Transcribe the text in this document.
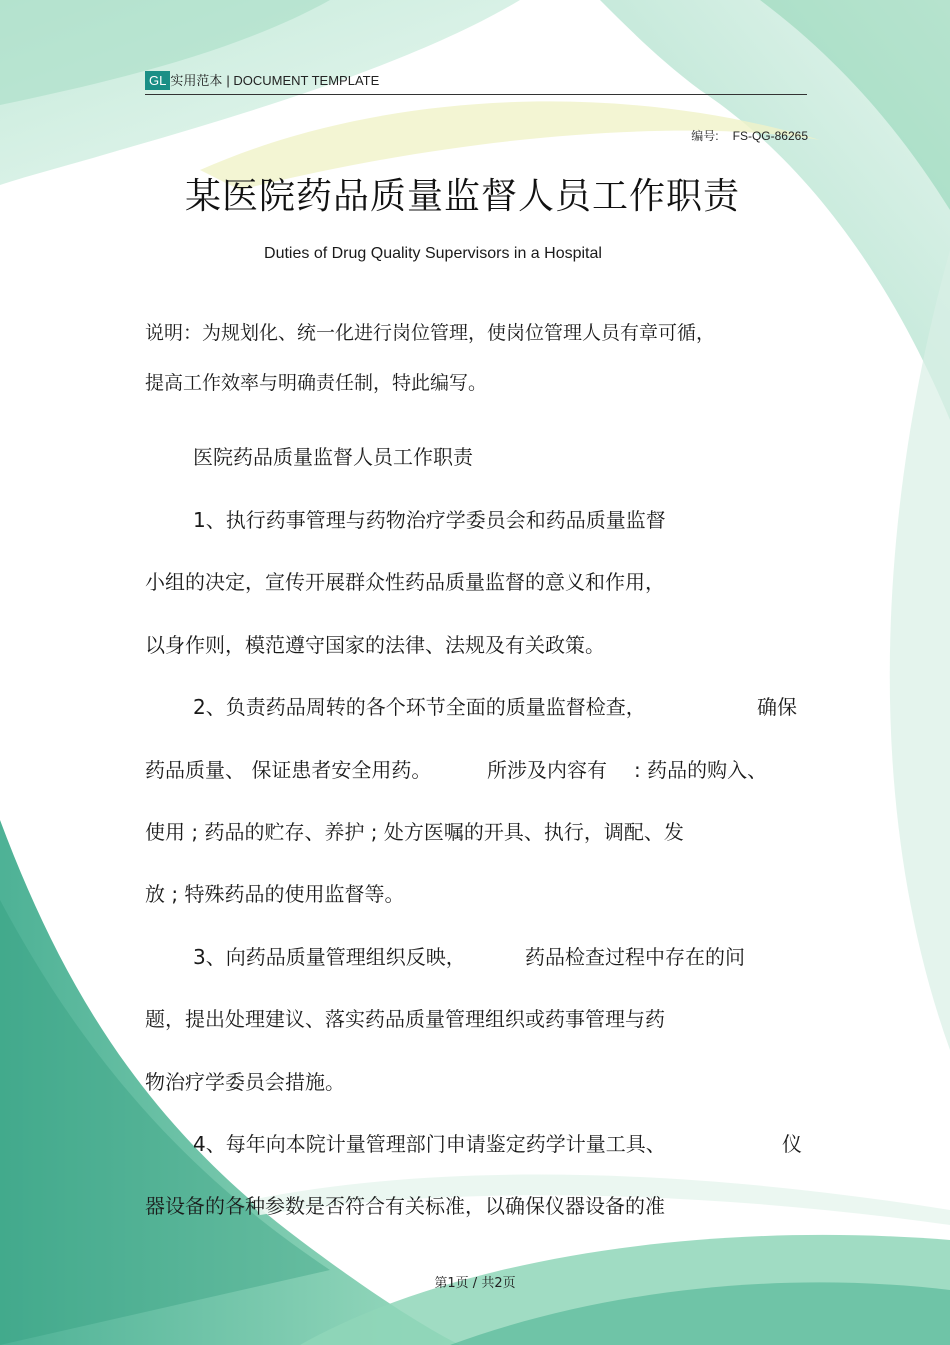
GL 实用范本 | DOCUMENT TEMPLATE
编号: FS-QG-86265
某医院药品质量监督人员工作职责
Duties of Drug Quality Supervisors in a Hospital
说明：为规划化、统一化进行岗位管理，使岗位管理人员有章可循，
提高工作效率与明确责任制，特此编写。
医院药品质量监督人员工作职责
1、执行药事管理与药物治疗学委员会和药品质量监督
小组的决定，宣传开展群众性药品质量监督的意义和作用，
以身作则，模范遵守国家的法律、法规及有关政策。
2、负责药品周转的各个环节全面的质量监督检查，	确保
药品质量、 保证患者安全用药。	所涉及内容有 : 药品的购入、
使用 ; 药品的贮存、养护 ; 处方医嘱的开具、执行，调配、发
放 ; 特殊药品的使用监督等。
3、向药品质量管理组织反映，	药品检查过程中存在的问
题，提出处理建议、落实药品质量管理组织或药事管理与药
物治疗学委员会措施。
4、每年向本院计量管理部门申请鉴定药学计量工具、	仪
器设备的各种参数是否符合有关标准，以确保仪器设备的准
第1页 / 共2页
